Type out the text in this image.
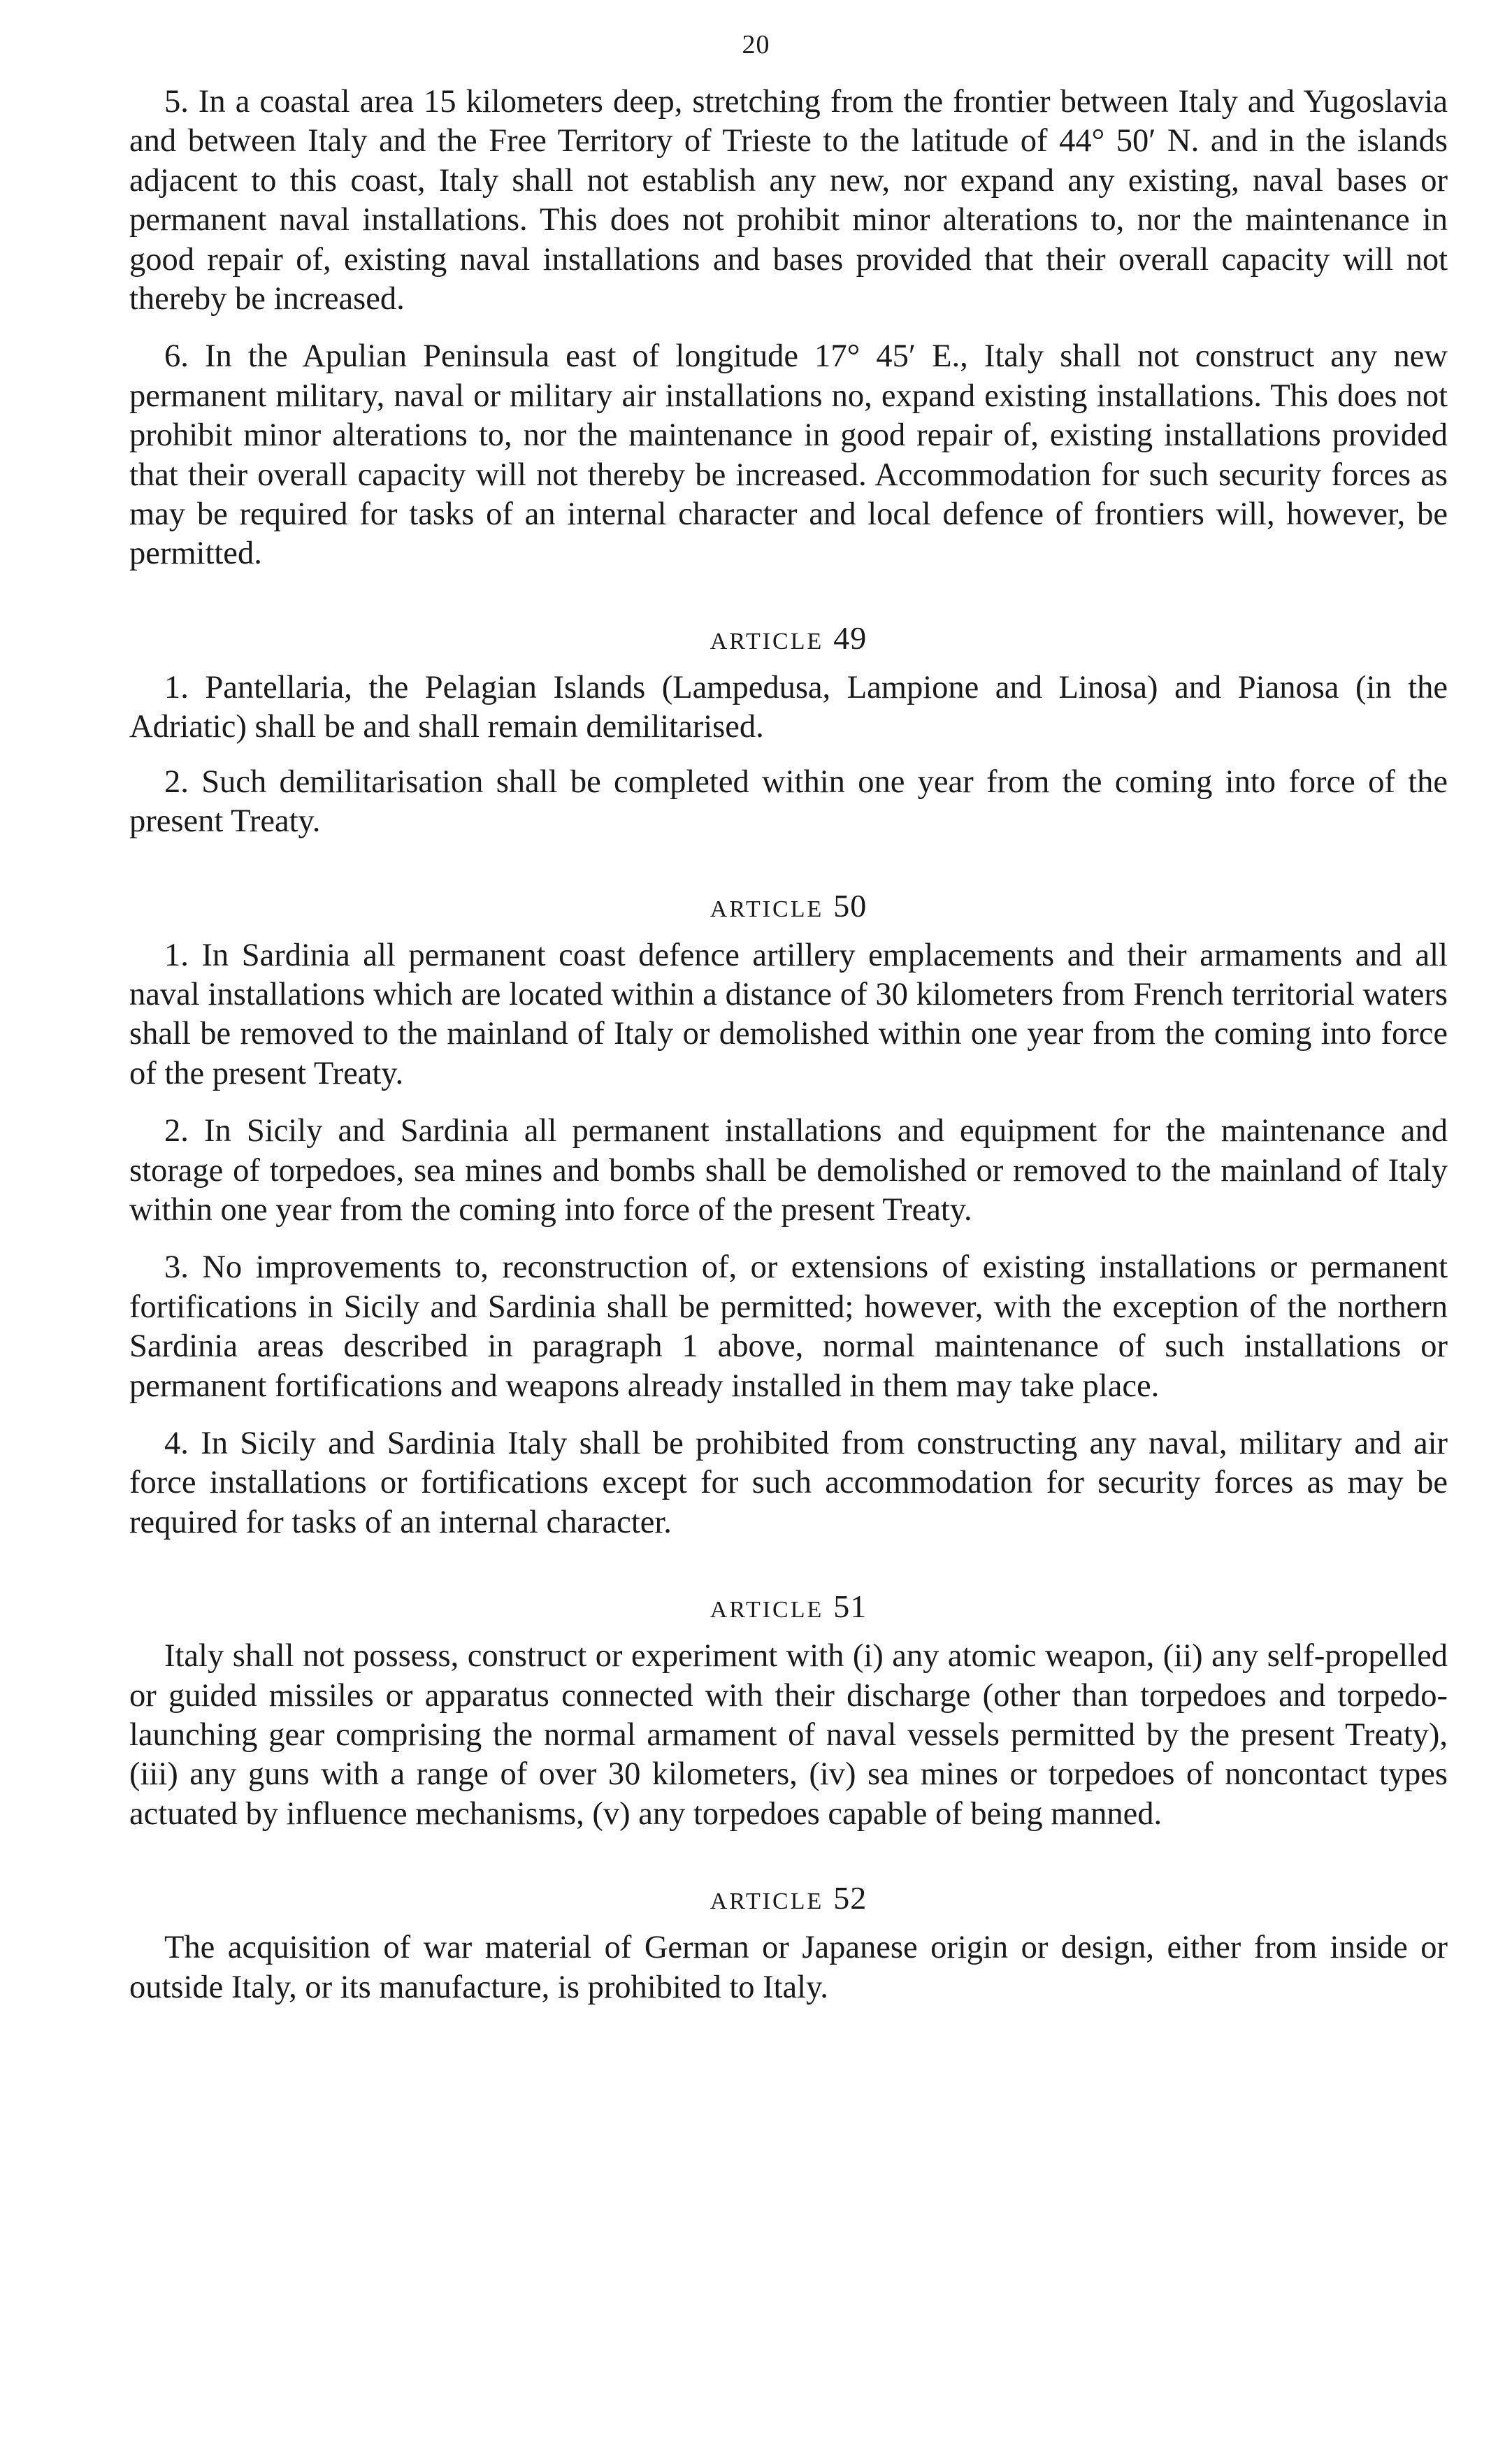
20

5. In a coastal area 15 kilometers deep, stretching from the frontier between Italy and Yugoslavia and between Italy and the Free Territory of Trieste to the latitude of 44° 50′ N. and in the islands adjacent to this coast, Italy shall not establish any new, nor expand any existing, naval bases or permanent naval installations. This does not prohibit minor alterations to, nor the maintenance in good repair of, existing naval installations and bases provided that their overall capacity will not thereby be increased.

6. In the Apulian Peninsula east of longitude 17° 45′ E., Italy shall not construct any new permanent military, naval or military air installations no, expand existing installations. This does not prohibit minor alterations to, nor the maintenance in good repair of, existing installations provided that their overall capacity will not thereby be increased. Accommodation for such security forces as may be required for tasks of an internal character and local defence of frontiers will, however, be permitted.

ARTICLE 49

1. Pantellaria, the Pelagian Islands (Lampedusa, Lampione and Linosa) and Pianosa (in the Adriatic) shall be and shall remain demilitarised.

2. Such demilitarisation shall be completed within one year from the coming into force of the present Treaty.

ARTICLE 50

1. In Sardinia all permanent coast defence artillery emplacements and their armaments and all naval installations which are located within a distance of 30 kilometers from French territorial waters shall be removed to the mainland of Italy or demolished within one year from the coming into force of the present Treaty.

2. In Sicily and Sardinia all permanent installations and equipment for the maintenance and storage of torpedoes, sea mines and bombs shall be demolished or removed to the mainland of Italy within one year from the coming into force of the present Treaty.

3. No improvements to, reconstruction of, or extensions of existing installations or permanent fortifications in Sicily and Sardinia shall be permitted; however, with the exception of the northern Sardinia areas described in paragraph 1 above, normal maintenance of such installations or permanent fortifications and weapons already installed in them may take place.

4. In Sicily and Sardinia Italy shall be prohibited from constructing any naval, military and air force installations or fortifications except for such accommodation for security forces as may be required for tasks of an internal character.

ARTICLE 51

Italy shall not possess, construct or experiment with (i) any atomic weapon, (ii) any self-propelled or guided missiles or apparatus connected with their discharge (other than torpedoes and torpedo-launching gear comprising the normal armament of naval vessels permitted by the present Treaty), (iii) any guns with a range of over 30 kilometers, (iv) sea mines or torpedoes of noncontact types actuated by influence mechanisms, (v) any torpedoes capable of being manned.

ARTICLE 52

The acquisition of war material of German or Japanese origin or design, either from inside or outside Italy, or its manufacture, is prohibited to Italy.
